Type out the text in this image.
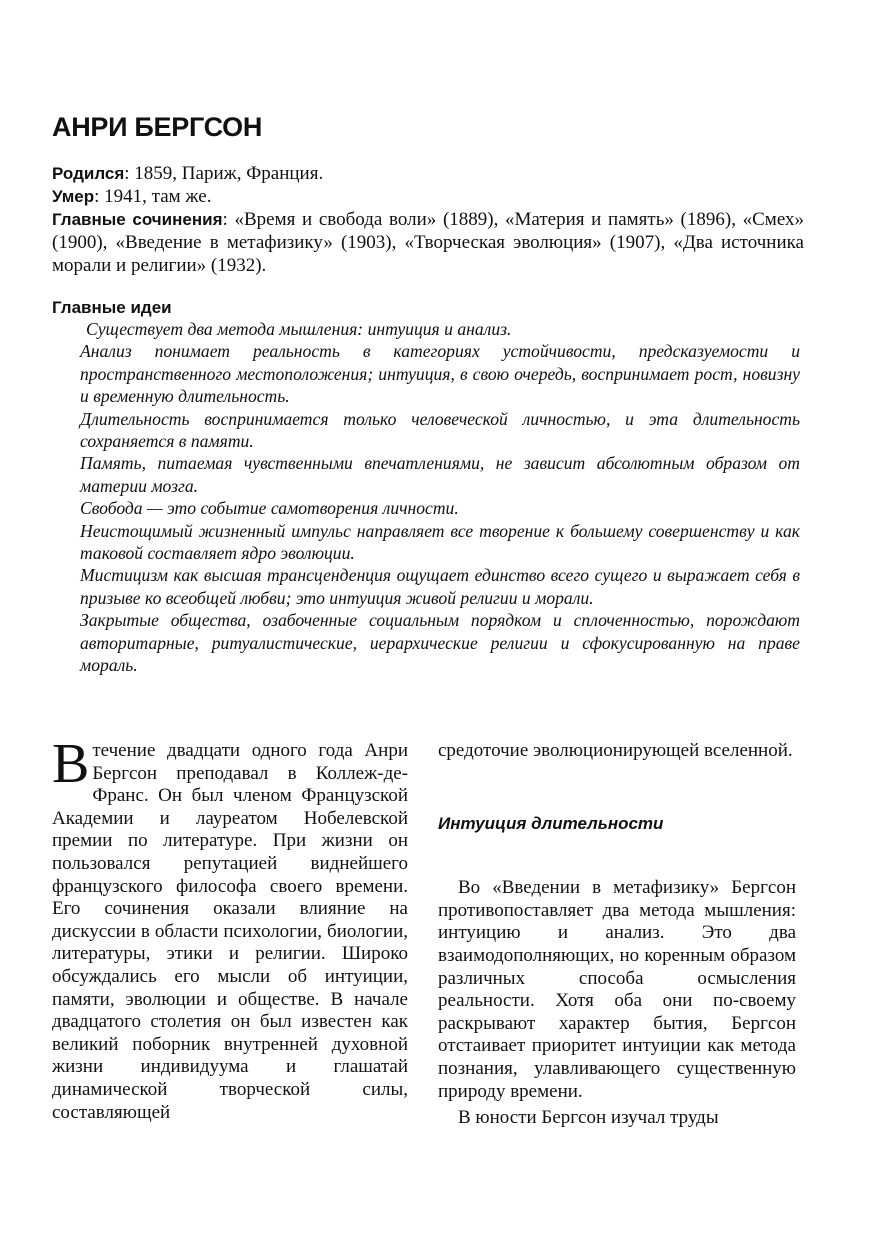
АНРИ БЕРГСОН

Родился: 1859, Париж, Франция.

Умер: 1941, там же.

Главные сочинения: «Время и свобода воли» (1889), «Материя и память» (1896), «Смех» (1900), «Введение в метафизику» (1903), «Творческая эволюция» (1907), «Два источника морали и религии» (1932).

Главные идеи

Существует два метода мышления: интуиция и анализ.

Анализ понимает реальность в категориях устойчивости, предсказуемости и пространственного местоположения; интуиция, в свою очередь, воспринимает рост, новизну и временную длительность.

Длительность воспринимается только человеческой личностью, и эта длительность сохраняется в памяти.

Память, питаемая чувственными впечатлениями, не зависит абсолютным образом от материи мозга.

Свобода — это событие самотворения личности.

Неистощимый жизненный импульс направляет все творение к большему совершенству и как таковой составляет ядро эволюции.

Мистицизм как высшая трансценденция ощущает единство всего сущего и выражает себя в призыве ко всеобщей любви; это интуиция живой религии и морали.

Закрытые общества, озабоченные социальным порядком и сплоченностью, порождают авторитарные, ритуалистические, иерархические религии и сфокусированную на праве мораль.

Втечение двадцати одного года Анри Бергсон преподавал в Коллеж-де-Франс. Он был членом Французской Академии и лауреатом Нобелевской премии по литературе. При жизни он пользовался репутацией виднейшего французского философа своего времени. Его сочинения оказали влияние на дискуссии в области психологии, биологии, литературы, этики и религии. Широко обсуждались его мысли об интуиции, памяти, эволюции и обществе. В начале двадцатого столетия он был известен как великий поборник внутренней духовной жизни индивидуума и глашатай динамической творческой силы, составляющей

средоточие эволюционирующей вселенной.

Интуиция длительности

Во «Введении в метафизику» Бергсон противопоставляет два метода мышления: интуицию и анализ. Это два взаимодополняющих, но коренным образом различных способа осмысления реальности. Хотя оба они по-своему раскрывают характер бытия, Бергсон отстаивает приоритет интуиции как метода познания, улавливающего существенную природу времени.

В юности Бергсон изучал труды
